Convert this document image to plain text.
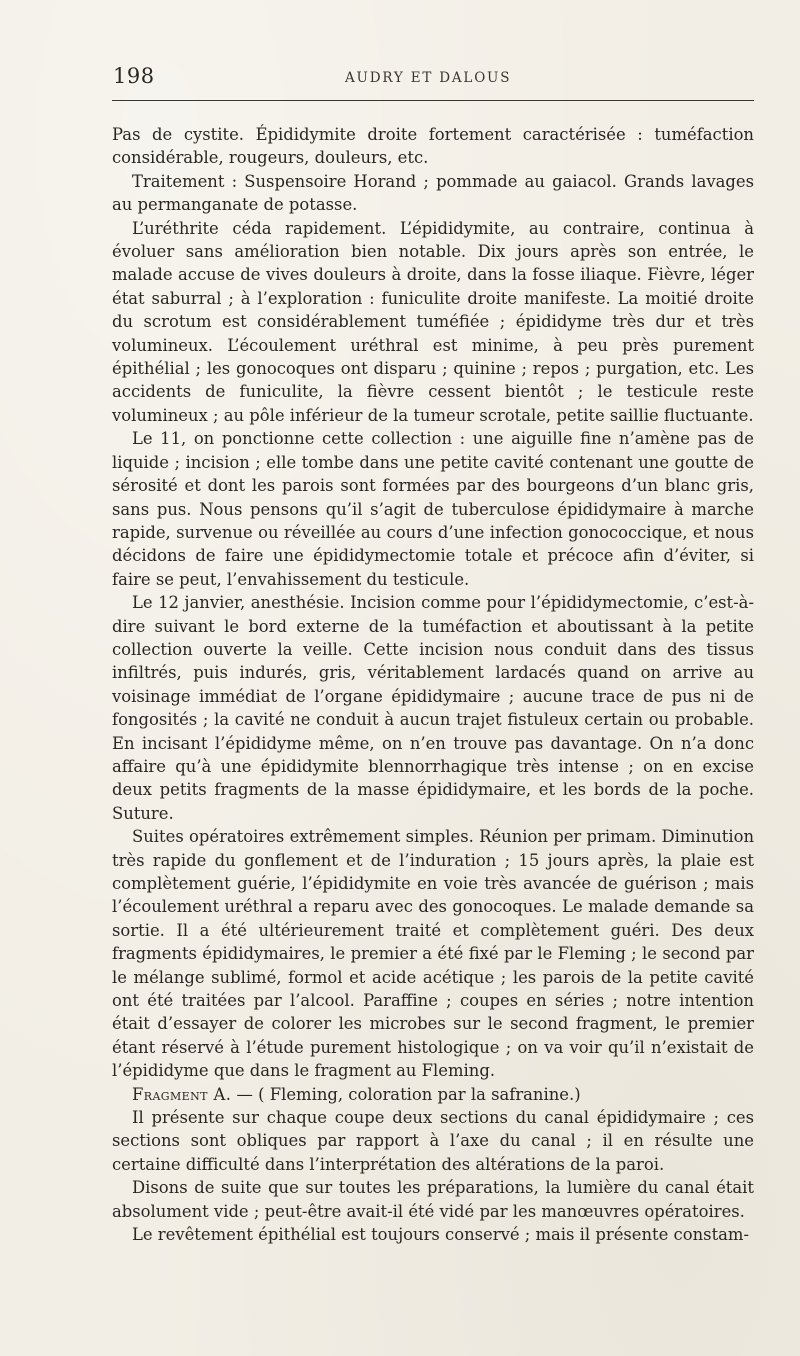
198	AUDRY ET DALOUS

Pas de cystite. Épididymite droite fortement caractérisée : tuméfaction considérable, rougeurs, douleurs, etc.

Traitement : Suspensoire Horand ; pommade au gaiacol. Grands lavages au permanganate de potasse.

L’uréthrite céda rapidement. L’épididymite, au contraire, continua à évoluer sans amélioration bien notable. Dix jours après son entrée, le malade accuse de vives douleurs à droite, dans la fosse iliaque. Fièvre, léger état saburral ; à l’exploration : funiculite droite manifeste. La moitié droite du scrotum est considérablement tuméfiée ; épididyme très dur et très volumineux. L’écoulement uréthral est minime, à peu près purement épithélial ; les gonocoques ont disparu ; quinine ; repos ; purgation, etc. Les accidents de funiculite, la fièvre cessent bientôt ; le testicule reste volumineux ; au pôle inférieur de la tumeur scrotale, petite saillie fluctuante.

Le 11, on ponctionne cette collection : une aiguille fine n’amène pas de liquide ; incision ; elle tombe dans une petite cavité contenant une goutte de sérosité et dont les parois sont formées par des bourgeons d’un blanc gris, sans pus. Nous pensons qu’il s’agit de tuberculose épididymaire à marche rapide, survenue ou réveillée au cours d’une infection gonococcique, et nous décidons de faire une épididymectomie totale et précoce afin d’éviter, si faire se peut, l’envahissement du testicule.

Le 12 janvier, anesthésie. Incision comme pour l’épididymectomie, c’est-à-dire suivant le bord externe de la tuméfaction et aboutissant à la petite collection ouverte la veille. Cette incision nous conduit dans des tissus infiltrés, puis indurés, gris, véritablement lardacés quand on arrive au voisinage immédiat de l’organe épididymaire ; aucune trace de pus ni de fongosités ; la cavité ne conduit à aucun trajet fistuleux certain ou probable. En incisant l’épididyme même, on n’en trouve pas davantage. On n’a donc affaire qu’à une épididymite blennorrhagique très intense ; on en excise deux petits fragments de la masse épididymaire, et les bords de la poche. Suture.

Suites opératoires extrêmement simples. Réunion per primam. Diminution très rapide du gonflement et de l’induration ; 15 jours après, la plaie est complètement guérie, l’épididymite en voie très avancée de guérison ; mais l’écoulement uréthral a reparu avec des gonocoques. Le malade demande sa sortie. Il a été ultérieurement traité et complètement guéri. Des deux fragments épididymaires, le premier a été fixé par le Fleming ; le second par le mélange sublimé, formol et acide acétique ; les parois de la petite cavité ont été traitées par l’alcool. Paraffine ; coupes en séries ; notre intention était d’essayer de colorer les microbes sur le second fragment, le premier étant réservé à l’étude purement histologique ; on va voir qu’il n’existait de l’épididyme que dans le fragment au Fleming.

Fragment A. — ( Fleming, coloration par la safranine.)

Il présente sur chaque coupe deux sections du canal épididymaire ; ces sections sont obliques par rapport à l’axe du canal ; il en résulte une certaine difficulté dans l’interprétation des altérations de la paroi.

Disons de suite que sur toutes les préparations, la lumière du canal était absolument vide ; peut-être avait-il été vidé par les manœuvres opératoires.

Le revêtement épithélial est toujours conservé ; mais il présente constam-
